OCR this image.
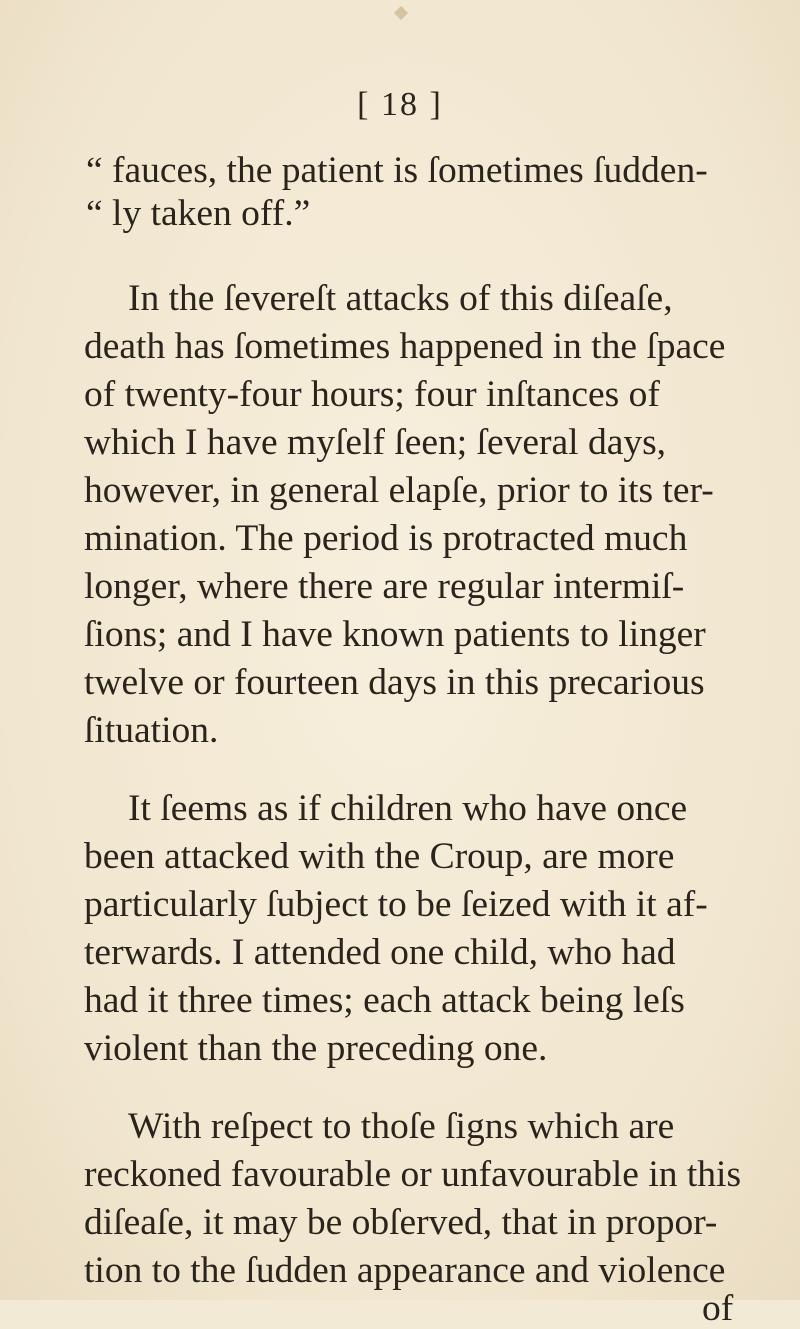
[ 18 ]
“ fauces, the patient is ſometimes ſudden-
“ ly taken off.”
In the ſevereſt attacks of this diſeaſe,
death has ſometimes happened in the ſpace
of twenty-four hours; four inſtances of
which I have myſelf ſeen; ſeveral days,
however, in general elapſe, prior to its ter-
mination. The period is protracted much
longer, where there are regular intermiſ-
ſions; and I have known patients to linger
twelve or fourteen days in this precarious
ſituation.
It ſeems as if children who have once
been attacked with the Croup, are more
particularly ſubject to be ſeized with it af-
terwards. I attended one child, who had
had it three times; each attack being leſs
violent than the preceding one.
With reſpect to thoſe ſigns which are
reckoned favourable or unfavourable in this
diſeaſe, it may be obſerved, that in propor-
tion to the ſudden appearance and violence
of
